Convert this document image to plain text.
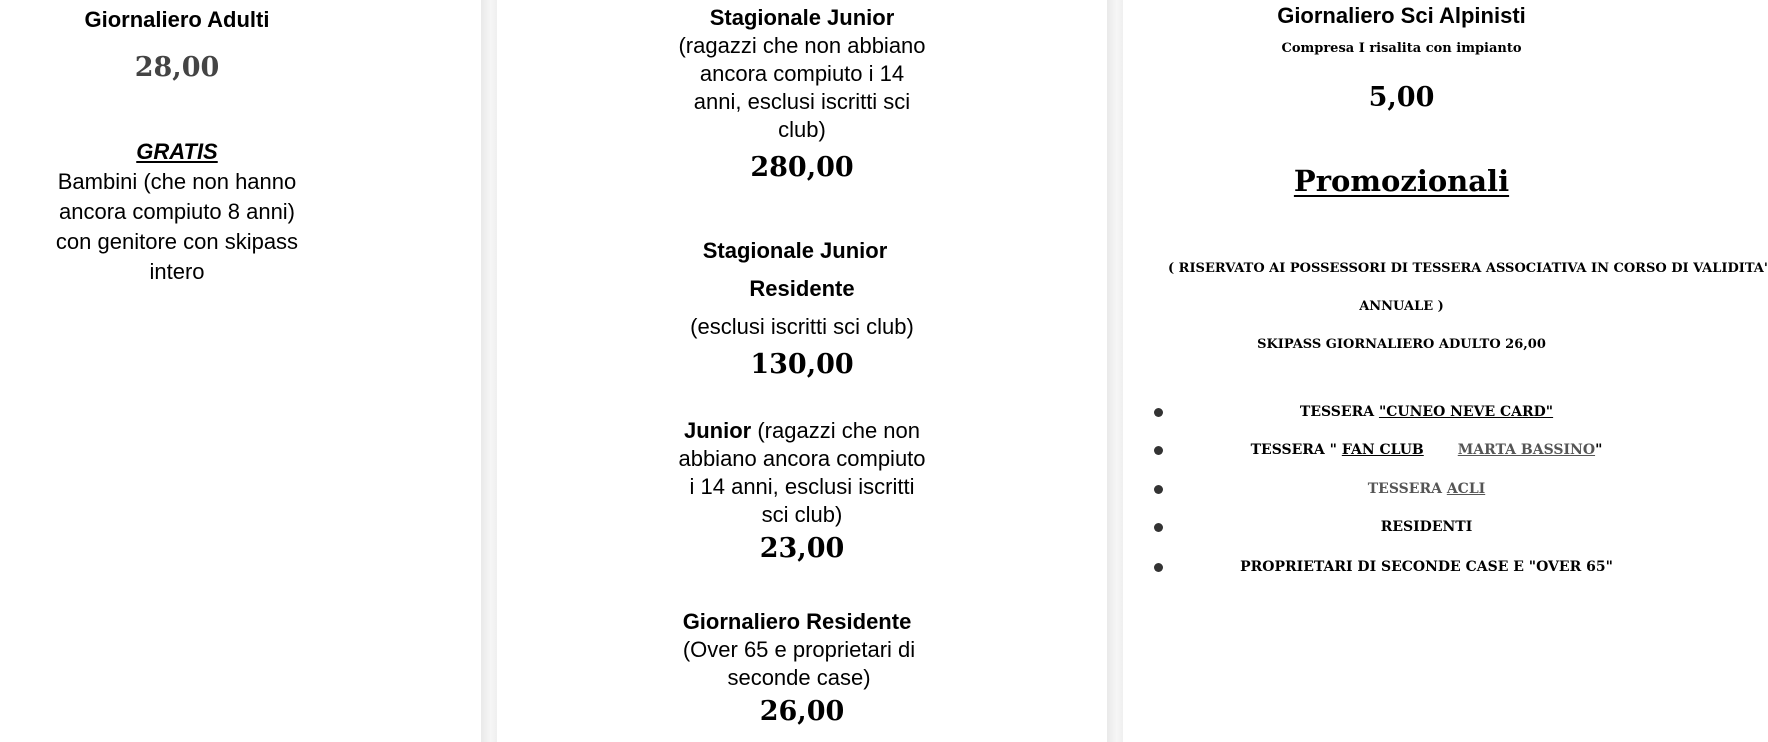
Giornaliero Adulti
28,00
GRATIS
Bambini (che non hanno
ancora compiuto 8 anni)
con genitore con skipass
intero
Stagionale Junior
(ragazzi che non abbiano
ancora compiuto i 14
anni, esclusi iscritti sci
club)
280,00
Stagionale Junior
Residente
(esclusi iscritti sci club)
130,00
Junior (ragazzi che non
abbiano ancora compiuto
i 14 anni, esclusi iscritti
sci club)
23,00
Giornaliero Residente
(Over 65 e proprietari di
seconde case)
26,00
Giornaliero Sci Alpinisti
Compresa I risalita con impianto
5,00
Promozionali
( RISERVATO AI POSSESSORI DI TESSERA ASSOCIATIVA IN CORSO DI VALIDITA'
ANNUALE )
SKIPASS GIORNALIERO ADULTO 26,00
TESSERA "CUNEO NEVE CARD"
TESSERA " FAN CLUB MARTA BASSINO"
TESSERA ACLI
RESIDENTI
PROPRIETARI DI SECONDE CASE E "OVER 65"
